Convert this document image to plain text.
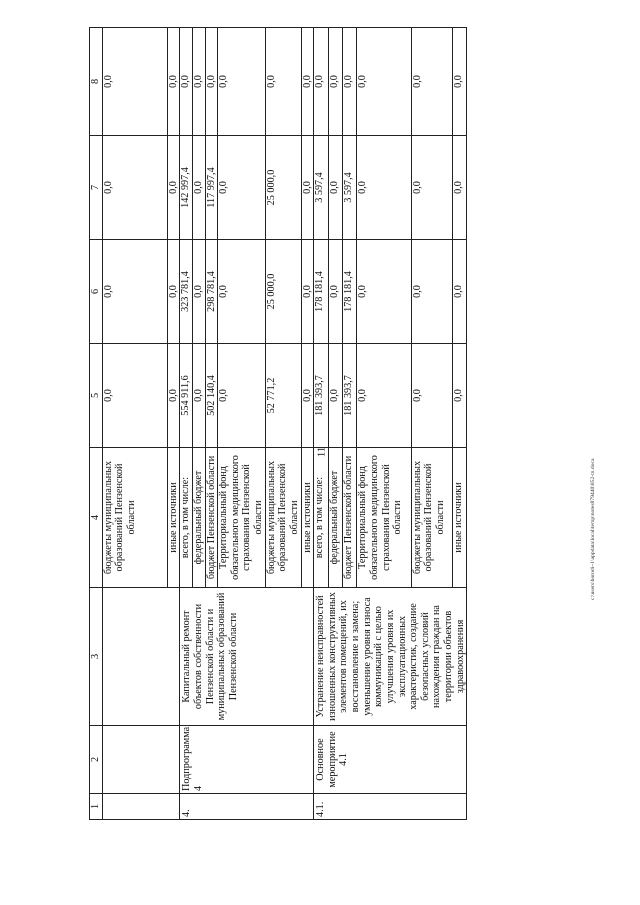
11
1	2	3	4	5	6	7	8
			бюджеты муниципальных образований Пензенской области	0,0	0,0	0,0	0,0
			иные источники	0,0	0,0	0,0	0,0
4.	Подпрограмма 4	Капитальный ремонт объектов собственности Пензенской области и муниципальных образований Пензенской области	всего, в том числе:	554 911,6	323 781,4	142 997,4	0,0
			федеральный бюджет	0,0	0,0	0,0	0,0
			бюджет Пензенской области	502 140,4	298 781,4	117 997,4	0,0
			Территориальный фонд обязательного медицинского страхования Пензенской области	0,0	0,0	0,0	0,0
			бюджеты муниципальных образований Пензенской области	52 771,2	25 000,0	25 000,0	0,0
			иные источники	0,0	0,0	0,0	0,0
4.1.	Основное мероприятие 4.1	Устранение неисправностей изношенных конструктивных элементов помещений, их восстановление и замена; уменьшение уровня износа коммуникаций с целью улучшения уровня их эксплуатационных характеристик, создание безопасных условий нахождения граждан на территории объектов здравоохранения	всего, в том числе:	181 393,7	178 181,4	3 597,4	0,0
			федеральный бюджет	0,0	0,0	0,0	0,0
			бюджет Пензенской области	181 393,7	178 181,4	3 597,4	0,0
			Территориальный фонд обязательного медицинского страхования Пензенской области	0,0	0,0	0,0	0,0
			бюджеты муниципальных образований Пензенской области	0,0	0,0	0,0	0,0
			иные источники	0,0	0,0	0,0	0,0
c:\users\borodi~1\appdata\local\temp\notes879440\852-m.doca
